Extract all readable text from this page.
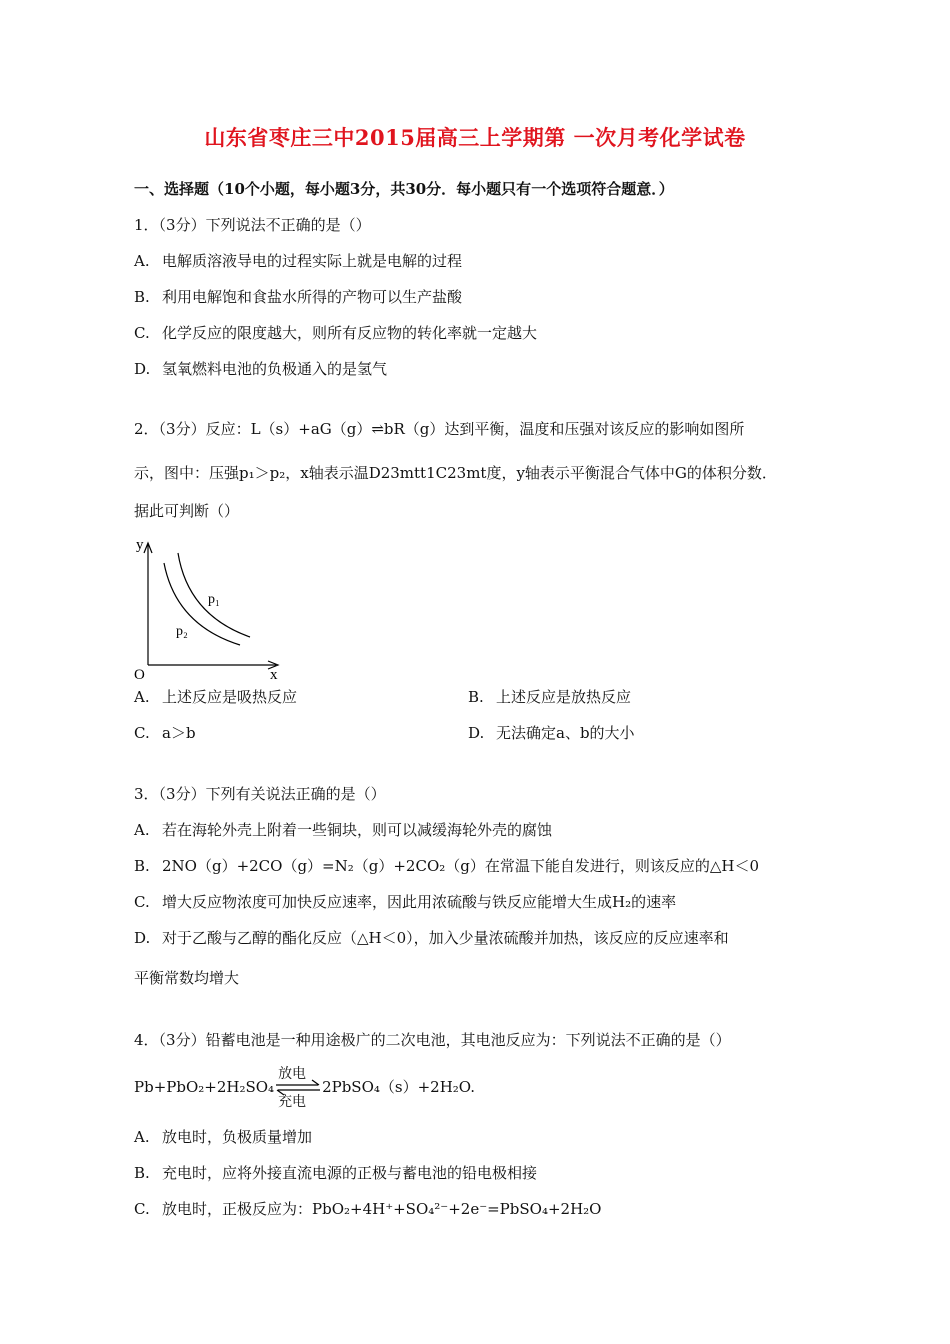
山东省枣庄三中2015届高三上学期第 一次月考化学试卷
一、选择题（10个小题，每小题3分，共30分．每小题只有一个选项符合题意．）
1．（3分）下列说法不正确的是（）
A. 电解质溶液导电的过程实际上就是电解的过程
B. 利用电解饱和食盐水所得的产物可以生产盐酸
C. 化学反应的限度越大，则所有反应物的转化率就一定越大
D. 氢氧燃料电池的负极通入的是氢气
2．（3分）反应：L（s）+aG（g）⇌bR（g）达到平衡，温度和压强对该反应的影响如图所
示，图中：压强p₁＞p₂，x轴表示温D23mtt1C23mt度，y轴表示平衡混合气体中G的体积分数．
据此可判断（）
y
x
O
p₁
p₂
A. 上述反应是吸热反应	B. 上述反应是放热反应
C. a＞b	D. 无法确定a、b的大小
3．（3分）下列有关说法正确的是（）
A. 若在海轮外壳上附着一些铜块，则可以减缓海轮外壳的腐蚀
B. 2NO（g）+2CO（g）=N₂（g）+2CO₂（g）在常温下能自发进行，则该反应的△H＜0
C. 增大反应物浓度可加快反应速率，因此用浓硫酸与铁反应能增大生成H₂的速率
D. 对于乙酸与乙醇的酯化反应（△H＜0），加入少量浓硫酸并加热，该反应的反应速率和
平衡常数均增大
4．（3分）铅蓄电池是一种用途极广的二次电池，其电池反应为：下列说法不正确的是（）
Pb+PbO₂+2H₂SO₄
放电
充电
2PbSO₄（s）+2H₂O.
A. 放电时，负极质量增加
B. 充电时，应将外接直流电源的正极与蓄电池的铅电极相接
C. 放电时，正极反应为：PbO₂+4H⁺+SO₄²⁻+2e⁻=PbSO₄+2H₂O
